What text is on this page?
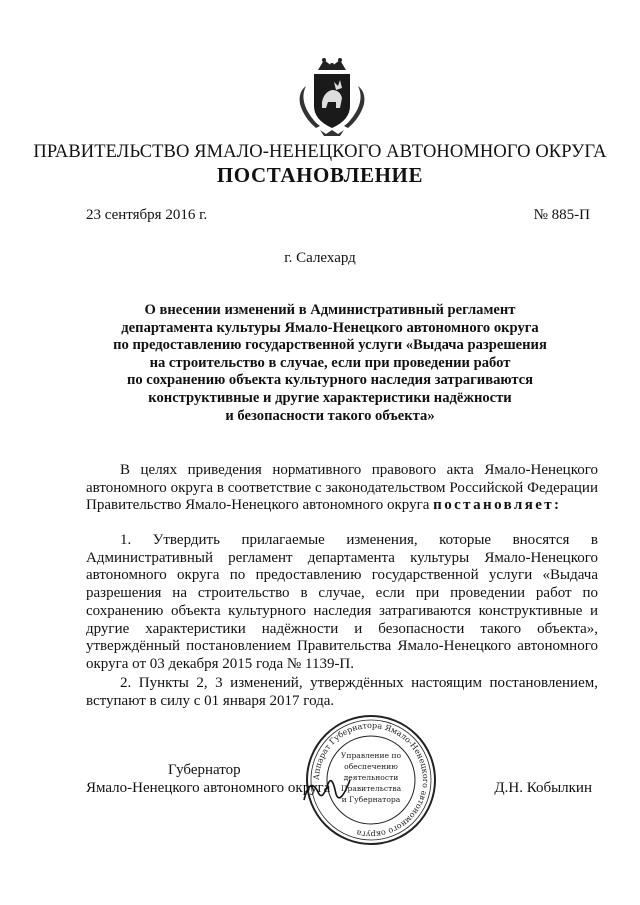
ПРАВИТЕЛЬСТВО ЯМАЛО-НЕНЕЦКОГО АВТОНОМНОГО ОКРУГА
ПОСТАНОВЛЕНИЕ
23 сентября 2016 г.	№ 885-П
г. Салехард
О внесении изменений в Административный регламент
департамента культуры Ямало-Ненецкого автономного округа
по предоставлению государственной услуги «Выдача разрешения
на строительство в случае, если при проведении работ
по сохранению объекта культурного наследия затрагиваются
конструктивные и другие характеристики надёжности
и безопасности такого объекта»
В целях приведения нормативного правового акта Ямало-Ненецкого автономного округа в соответствие с законодательством Российской Федерации Правительство Ямало-Ненецкого автономного округа постановляет:
1. Утвердить прилагаемые изменения, которые вносятся в Административный регламент департамента культуры Ямало-Ненецкого автономного округа по предоставлению государственной услуги «Выдача разрешения на строительство в случае, если при проведении работ по сохранению объекта культурного наследия затрагиваются конструктивные и другие характеристики надёжности и безопасности такого объекта», утверждённый постановлением Правительства Ямало-Ненецкого автономного округа от 03 декабря 2015 года № 1139-П.
2. Пункты 2, 3 изменений, утверждённых настоящим постановлением, вступают в силу с 01 января 2017 года.
Аппарат Губернатора Ямало-Ненецкого автономного округа
Управление по
обеспечению
деятельности
Правительства
и Губернатора
Губернатор
Ямало-Ненецкого автономного округа	Д.Н. Кобылкин
